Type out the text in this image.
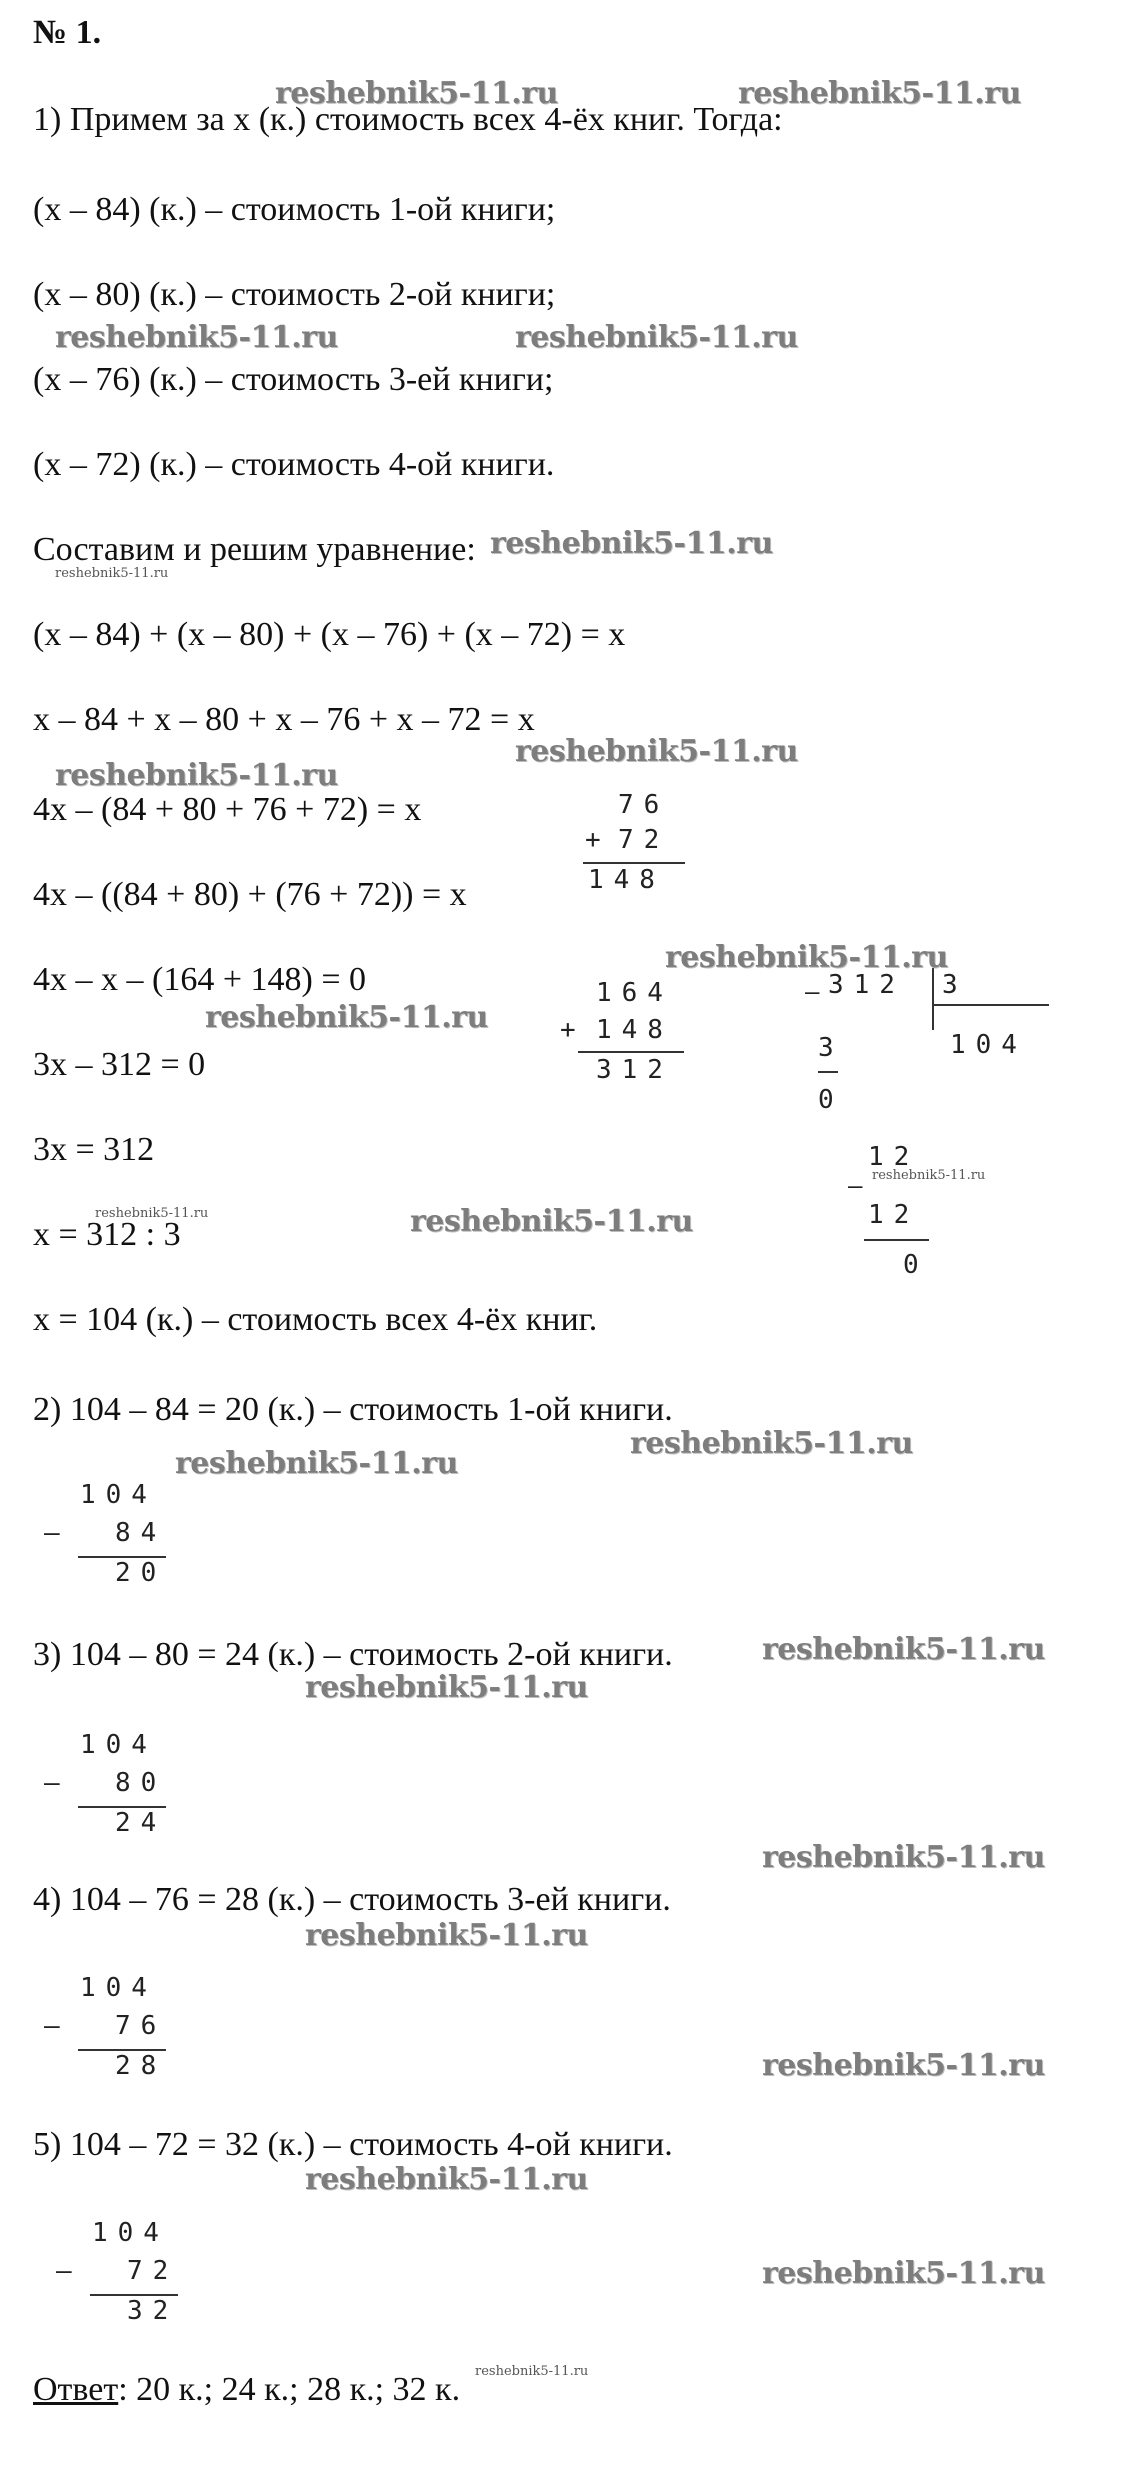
№ 1.
1) Примем за х (к.) стоимость всех 4-ёх книг. Тогда:
(х – 84) (к.) – стоимость 1-ой книги;
(х – 80) (к.) – стоимость 2-ой книги;
(х – 76) (к.) – стоимость 3-ей книги;
(х – 72) (к.) – стоимость 4-ой книги.
Составим и решим уравнение:
(х – 84) + (х – 80) + (х – 76) + (х – 72) = х
х – 84 + х – 80 + х – 76 + х – 72 = х
4х – (84 + 80 + 76 + 72) = х
4х – ((84 + 80) + (76 + 72)) = х
4х – х – (164 + 148) = 0
3х – 312 = 0
3х = 312
х = 312 : 3
х = 104 (к.) – стоимость всех 4-ёх книг.
2) 104 – 84 = 20 (к.) – стоимость 1-ой книги.
3) 104 – 80 = 24 (к.) – стоимость 2-ой книги.
4) 104 – 76 = 28 (к.) – стоимость 3-ей книги.
5) 104 – 72 = 32 (к.) – стоимость 4-ой книги.
Ответ: 20 к.; 24 к.; 28 к.; 32 к.
76
+ 72
148
164
+ 148
312
–
312 3
104
3
0
–
12
reshebnik5-11.ru
12
0
104
– 84
20
104
– 80
24
104
– 76
28
104
– 72
32
reshebnik5-11.ru	reshebnik5-11.ru
reshebnik5-11.ru	reshebnik5-11.ru
reshebnik5-11.ru
reshebnik5-11.ru
reshebnik5-11.ru
reshebnik5-11.ru
reshebnik5-11.ru
reshebnik5-11.ru
reshebnik5-11.ru	reshebnik5-11.ru
reshebnik5-11.ru
reshebnik5-11.ru
reshebnik5-11.ru
reshebnik5-11.ru
reshebnik5-11.ru
reshebnik5-11.ru
reshebnik5-11.ru
reshebnik5-11.ru
reshebnik5-11.ru
reshebnik5-11.ru
